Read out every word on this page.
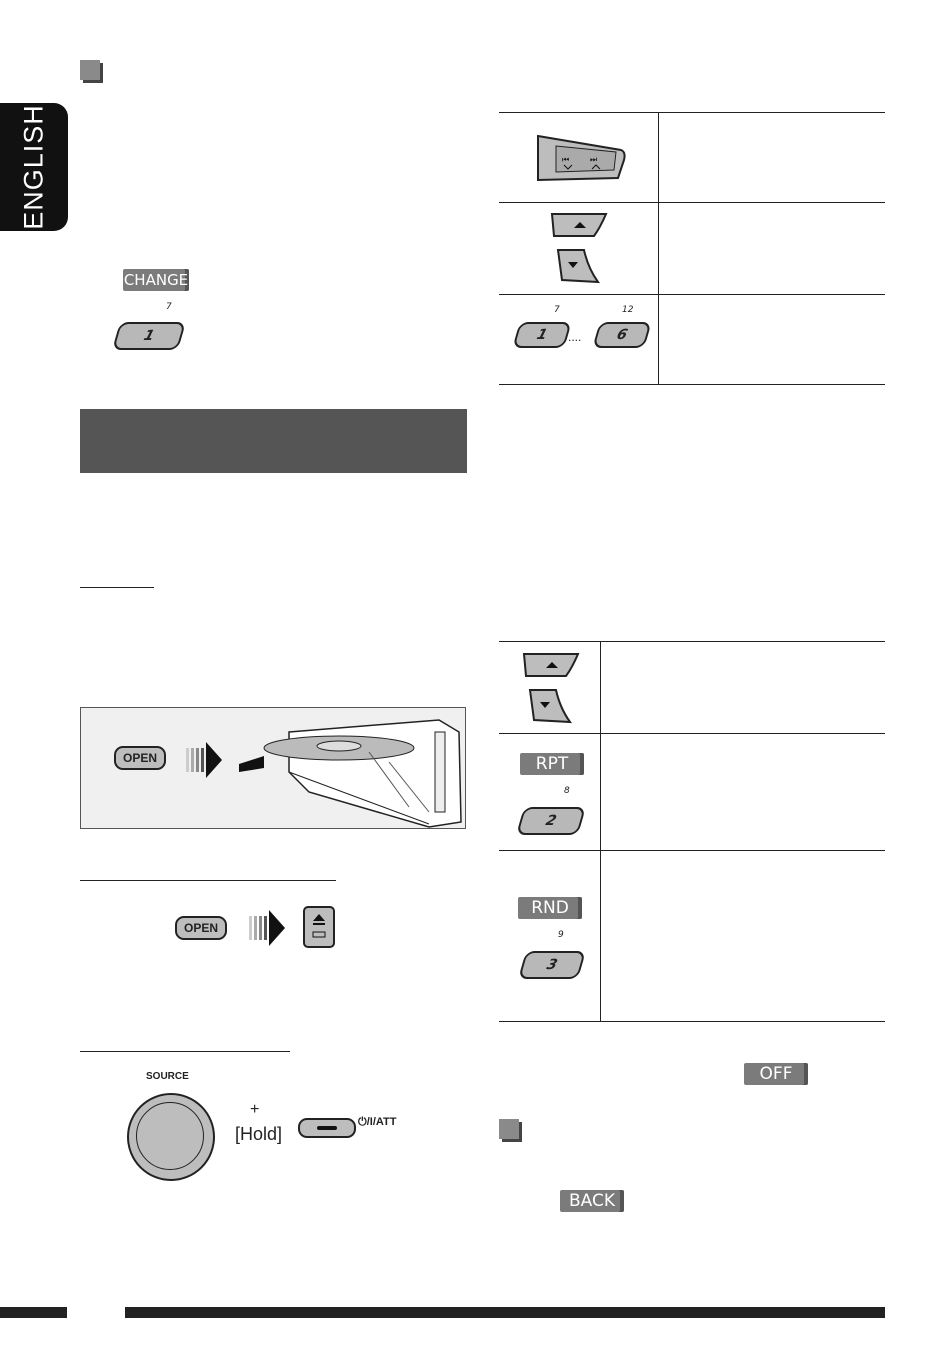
ENGLISH
CHANGE
7
1
OPEN
OPEN
SOURCE
+
[Hold]
⏻/I/ATT
⏮	⏭
7	12
1	....	6
RPT
8
2
RND
9
3
OFF
BACK
